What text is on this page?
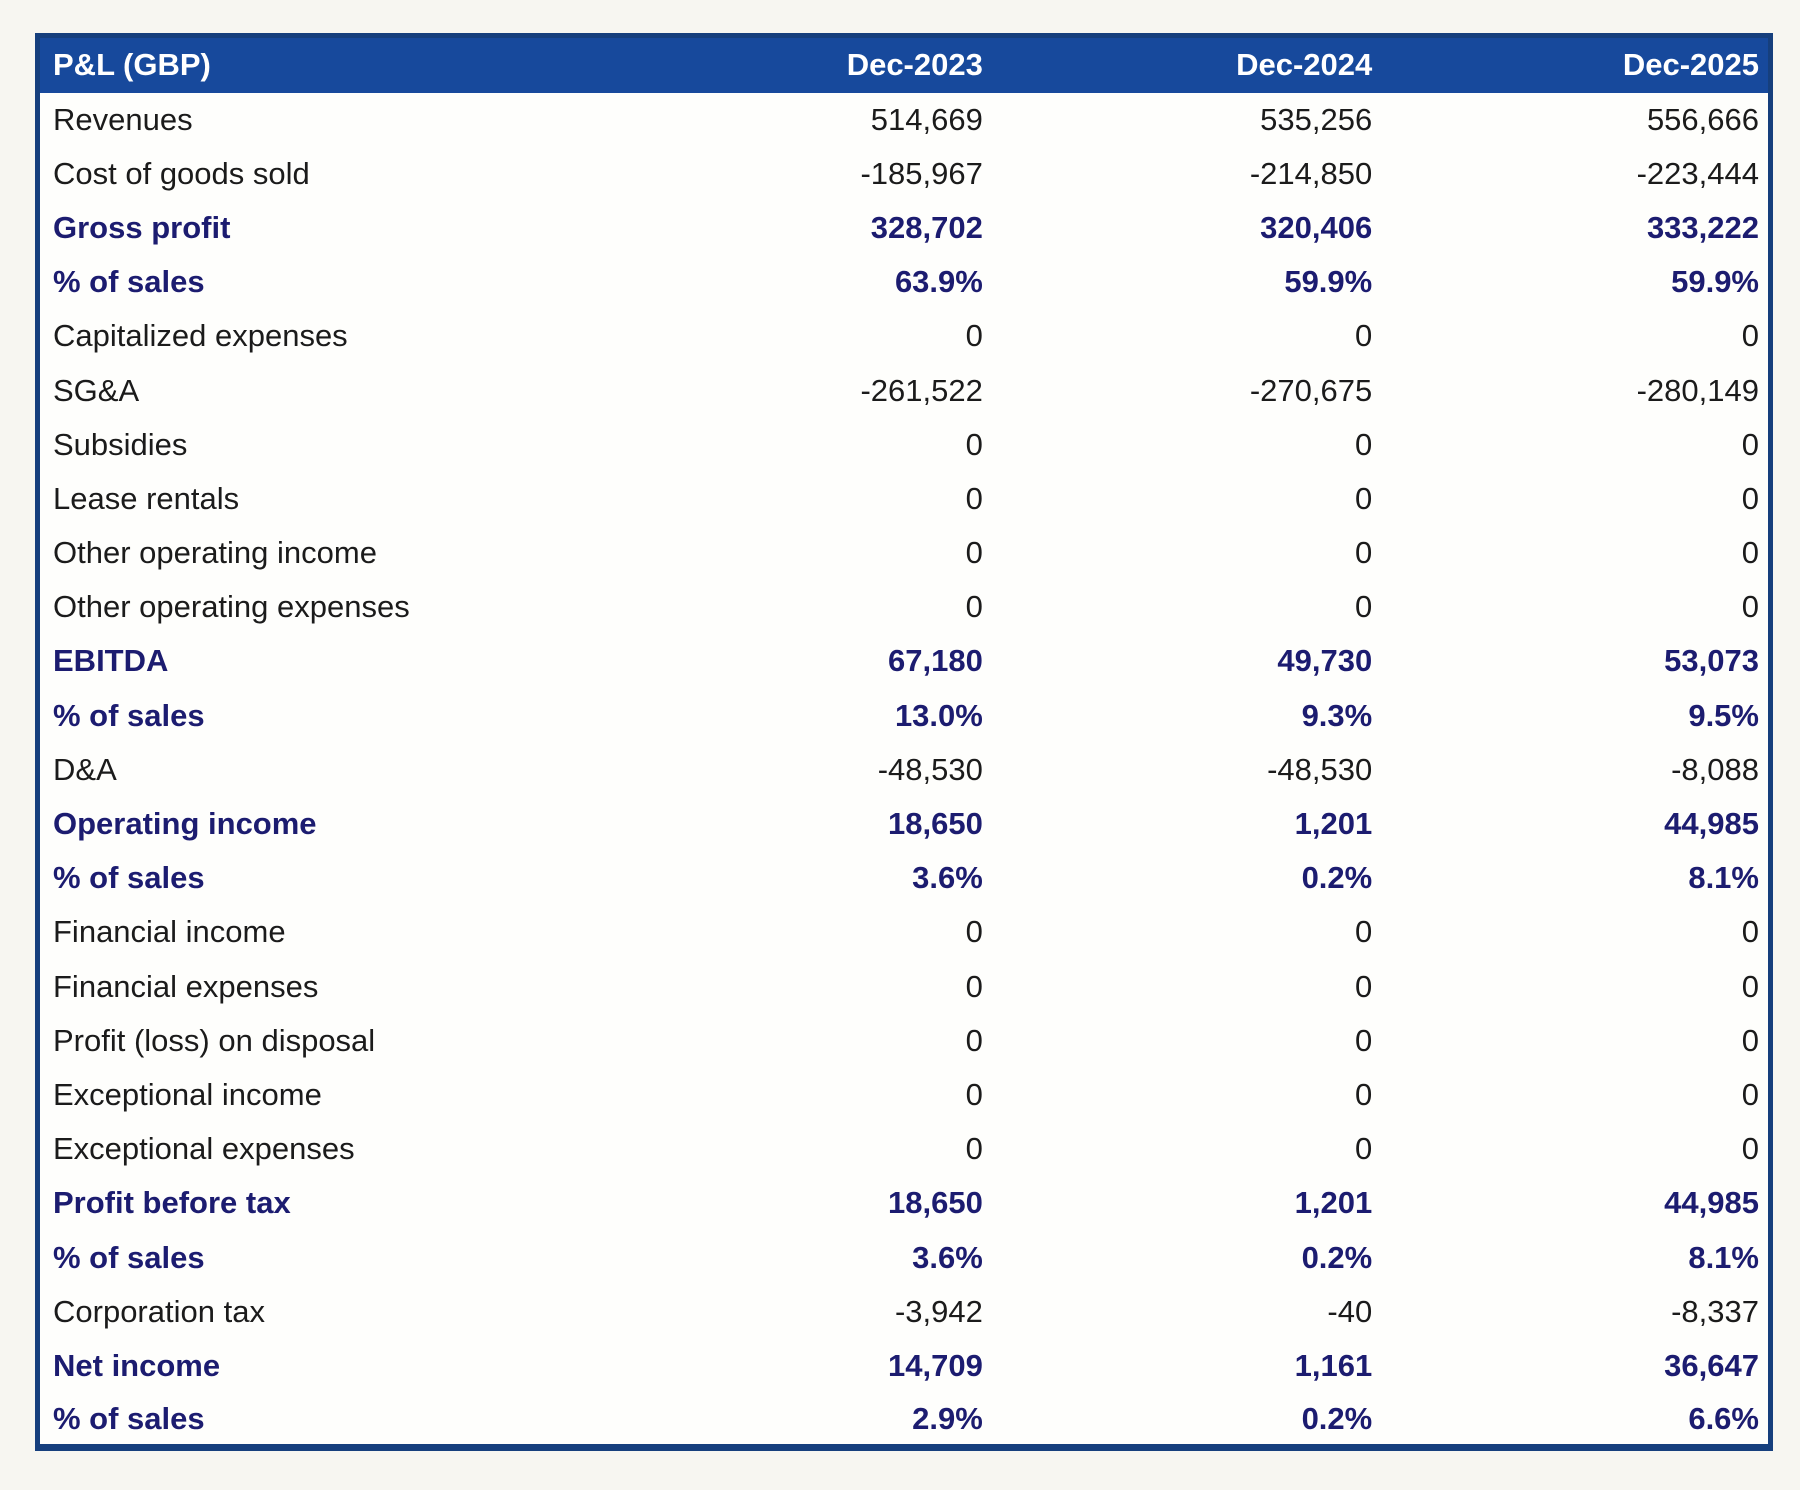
P&L (GBP)	Dec-2023	Dec-2024	Dec-2025
Revenues	514,669	535,256	556,666
Cost of goods sold	-185,967	-214,850	-223,444
Gross profit	328,702	320,406	333,222
% of sales	63.9%	59.9%	59.9%
Capitalized expenses	0	0	0
SG&A	-261,522	-270,675	-280,149
Subsidies	0	0	0
Lease rentals	0	0	0
Other operating income	0	0	0
Other operating expenses	0	0	0
EBITDA	67,180	49,730	53,073
% of sales	13.0%	9.3%	9.5%
D&A	-48,530	-48,530	-8,088
Operating income	18,650	1,201	44,985
% of sales	3.6%	0.2%	8.1%
Financial income	0	0	0
Financial expenses	0	0	0
Profit (loss) on disposal	0	0	0
Exceptional income	0	0	0
Exceptional expenses	0	0	0
Profit before tax	18,650	1,201	44,985
% of sales	3.6%	0.2%	8.1%
Corporation tax	-3,942	-40	-8,337
Net income	14,709	1,161	36,647
% of sales	2.9%	0.2%	6.6%
